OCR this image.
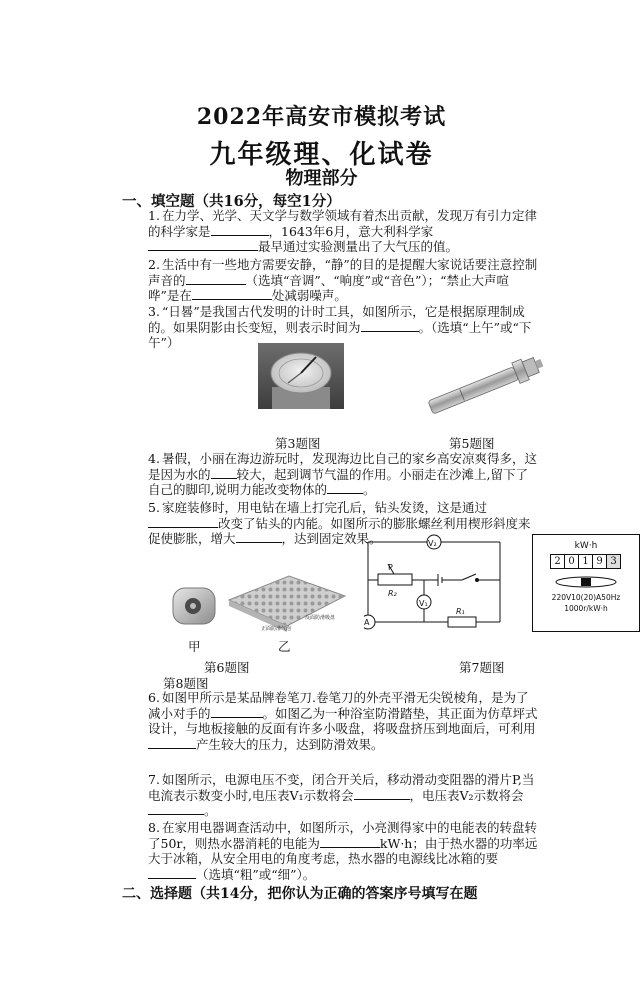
2022年高安市模拟考试
九年级理、化试卷
物理部分
一、填空题（共16分，每空1分）
1. 在力学、光学、天文学与数学领域有着杰出贡献，发现万有引力定律的科学家是	，1643年6月，意大利科学家最早通过实验测量出了大气压的值。
2. 生活中有一些地方需要安静，“静”的目的是提醒大家说话要注意控制声音的	（选填“音调”、“响度”或“音色”）；“禁止大声喧哗”是在	处减弱噪声。
3. “日晷”是我国古代发明的计时工具，如图所示，它是根据原理制成的。如果阴影由长变短，则表示时间为	。（选填“上午”或“下午”）
第3题图	第5题图
4. 暑假，小丽在海边游玩时，发现海边比自己的家乡高安凉爽得多，这是因为水的 较大，起到调节气温的作用。小丽走在沙滩上,留下了自己的脚印,说明力能改变物体的	。
5. 家庭装修时，用电钻在墙上打完孔后，钻头发烫，这是通过改变了钻头的内能。如图所示的膨胀螺丝利用楔形斜度来促使膨胀，增大	，达到固定效果。
正面防滑气泡
反面防滑吸盘
甲	乙
V₂
P
R₂
V₁
A
R₁
kW·h
2 0 1 9 3
220V10(20)A50Hz
1000r/kW·h
第6题图	第7题图
第8题图
6. 如图甲所示是某品牌卷笔刀.卷笔刀的外壳平滑无尖锐棱角，是为了减小对手的	。如图乙为一种浴室防滑踏垫，其正面为仿草坪式设计，与地板接触的反面有许多小吸盘，将吸盘挤压到地面后，可利用产生较大的压力，达到防滑效果。
7. 如图所示，电源电压不变，闭合开关后，移动滑动变阻器的滑片P,当电流表示数变小时,电压表V₁示数将会	，电压表V₂示数将会。
8. 在家用电器调查活动中，如图所示，小亮测得家中的电能表的转盘转了50r，则热水器消耗的电能为	kW·h；由于热水器的功率远大于冰箱，从安全用电的角度考虑，热水器的电源线比冰箱的要（选填“粗”或“细”）。
二、选择题（共14分，把你认为正确的答案序号填写在题
